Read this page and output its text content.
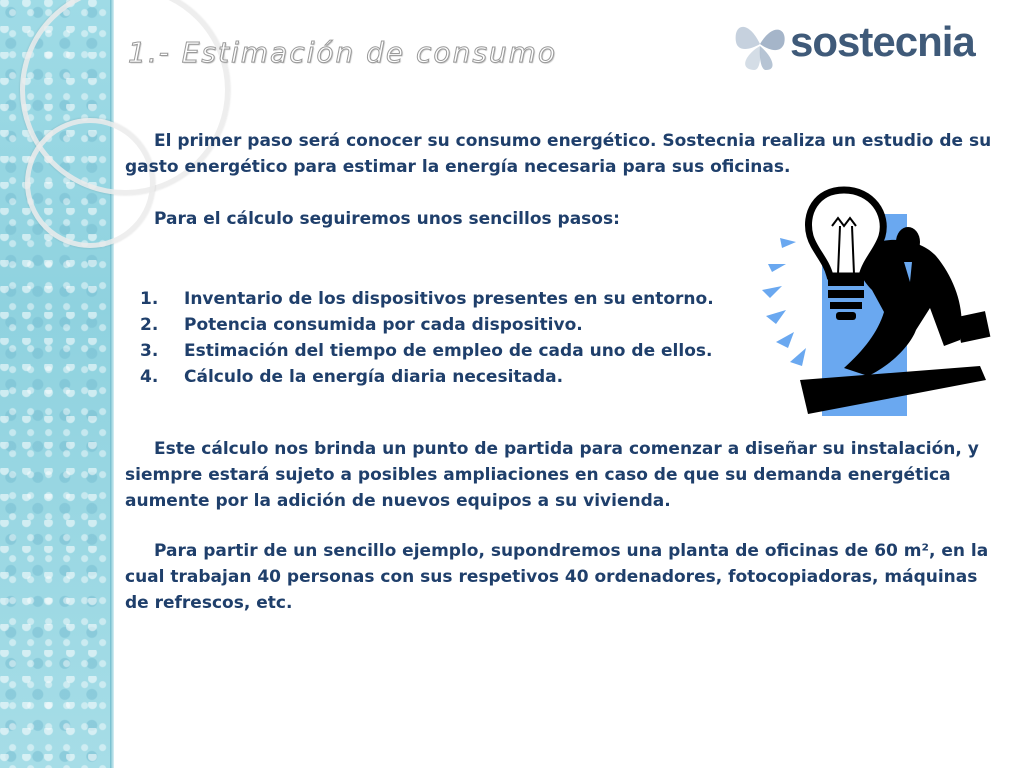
1.- Estimación de consumo	sostecnia
El primer paso será conocer su consumo energético. Sostecnia realiza un estudio de su gasto energético para estimar la energía necesaria para sus oficinas.
Para el cálculo seguiremos unos sencillos pasos:
1.	Inventario de los dispositivos presentes en su entorno.
2.	Potencia consumida por cada dispositivo.
3.	Estimación del tiempo de empleo de cada uno de ellos.
4.	Cálculo de la energía diaria necesitada.
Este cálculo nos brinda un punto de partida para comenzar a diseñar su instalación, y siempre estará sujeto a posibles ampliaciones en caso de que su demanda energética aumente por la adición de nuevos equipos a su vivienda.
Para partir de un sencillo ejemplo, supondremos una planta de oficinas de 60 m², en la cual trabajan 40 personas con sus respetivos 40 ordenadores, fotocopiadoras, máquinas de refrescos, etc.
